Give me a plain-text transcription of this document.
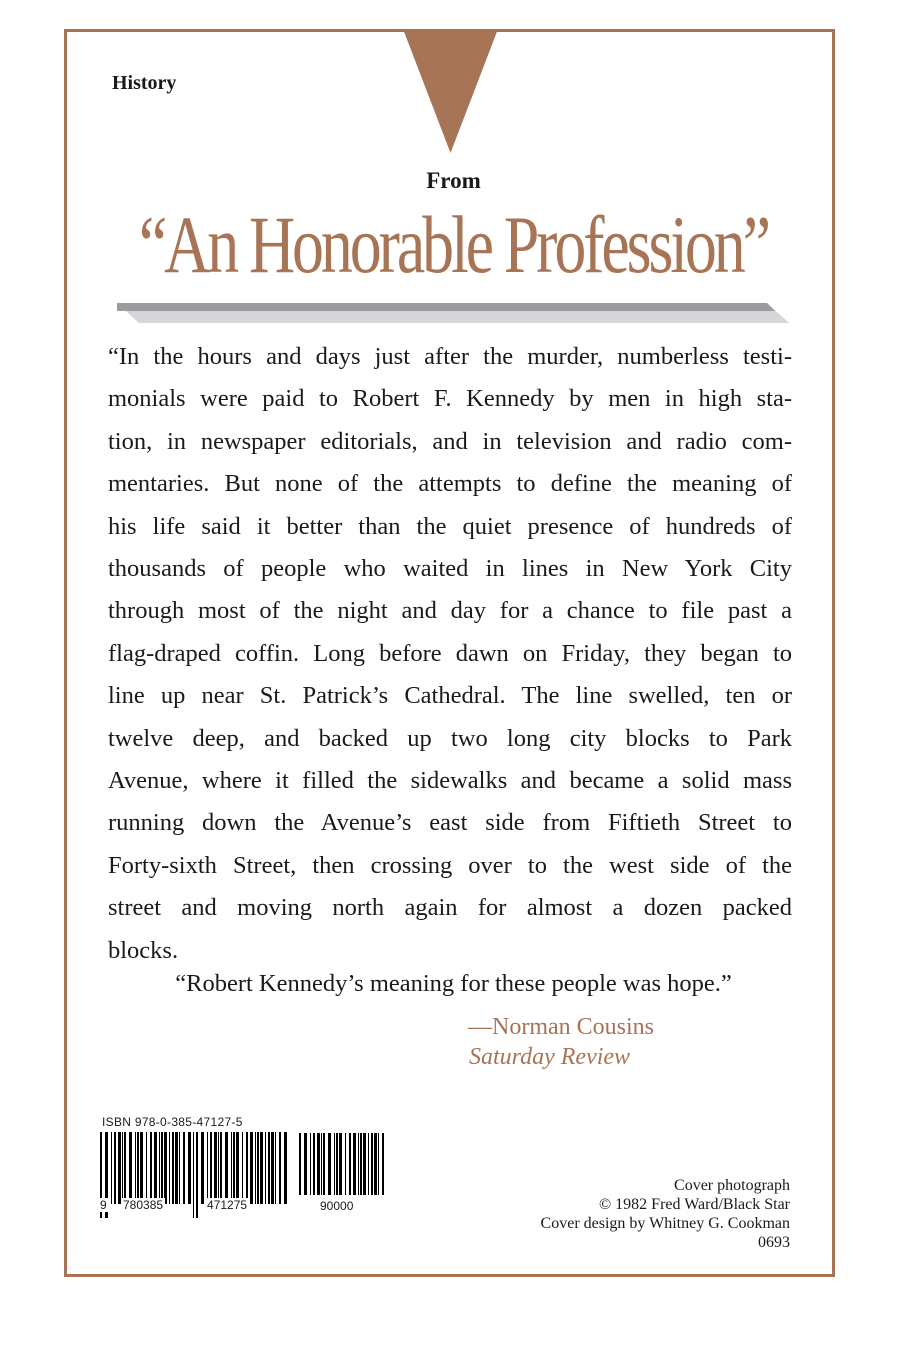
History
From
“An Honorable Profession”

“In the hours and days just after the murder, numberless testi-
monials were paid to Robert F. Kennedy by men in high sta-
tion, in newspaper editorials, and in television and radio com-
mentaries. But none of the attempts to define the meaning of
his life said it better than the quiet presence of hundreds of
thousands of people who waited in lines in New York City
through most of the night and day for a chance to file past a
flag-draped coffin. Long before dawn on Friday, they began to
line up near St. Patrick’s Cathedral. The line swelled, ten or
twelve deep, and backed up two long city blocks to Park
Avenue, where it filled the sidewalks and became a solid mass
running down the Avenue’s east side from Fiftieth Street to
Forty-sixth Street, then crossing over to the west side of the
street and moving north again for almost a dozen packed
blocks.

“Robert Kennedy’s meaning for these people was hope.”
—Norman Cousins
Saturday Review
ISBN 978-0-385-47127-5
9 780385	471275	90000
Cover photograph
© 1982 Fred Ward/Black Star
Cover design by Whitney G. Cookman
0693
